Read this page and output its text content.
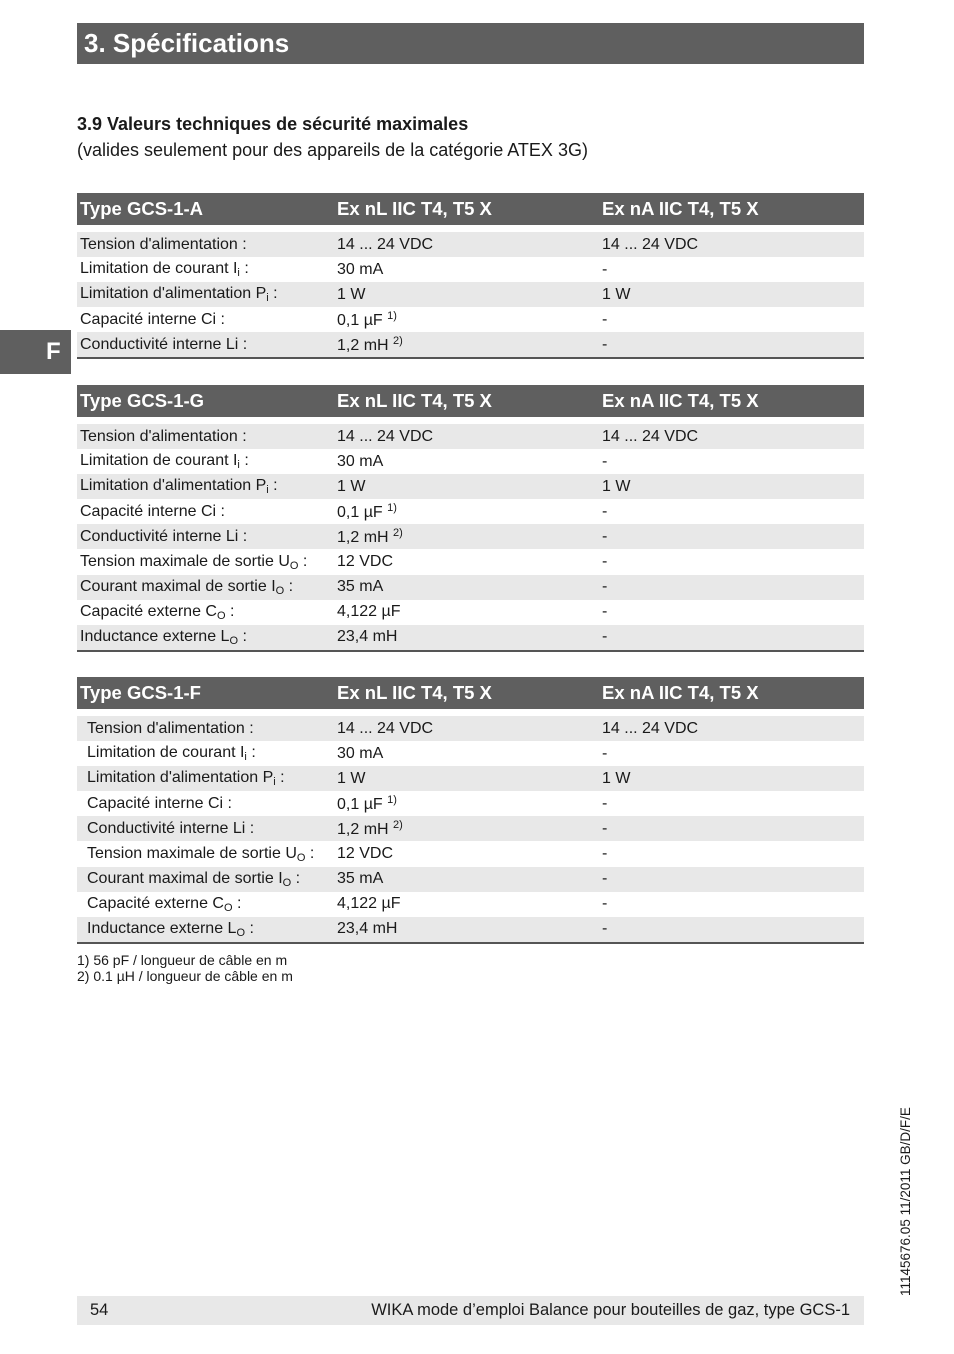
3. Spécifications
F
3.9 Valeurs techniques de sécurité maximales
(valides seulement pour des appareils de la catégorie ATEX 3G)
Type GCS-1-A	Ex nL IIC T4, T5 X	Ex nA IIC T4, T5 X
Tension d'alimentation :	14 ... 24 VDC	14 ... 24 VDC
Limitation de courant $I_i$ :	30 mA	-
Limitation d'alimentation $P_i$ :	1 W	1 W
Capacité interne Ci :	0,1 µF $^{1)}$	-
Conductivité interne Li :	1,2 mH $^{2)}$	-
Type GCS-1-G	Ex nL IIC T4, T5 X	Ex nA IIC T4, T5 X
Tension d'alimentation :	14 ... 24 VDC	14 ... 24 VDC
Limitation de courant $I_i$ :	30 mA	-
Limitation d'alimentation $P_i$ :	1 W	1 W
Capacité interne Ci :	0,1 µF $^{1)}$	-
Conductivité interne Li :	1,2 mH $^{2)}$	-
Tension maximale de sortie $U_O$ : 12 VDC	-
Courant maximal de sortie $I_O$ :	35 mA	-
Capacité externe $C_O$ :	4,122 µF	-
Inductance externe $L_O$ :	23,4 mH	-
Type GCS-1-F	Ex nL IIC T4, T5 X	Ex nA IIC T4, T5 X
Tension d'alimentation :	14 ... 24 VDC	14 ... 24 VDC
Limitation de courant $I_i$ :	30 mA	-
Limitation d'alimentation $P_i$ :	1 W	1 W
Capacité interne Ci :	0,1 µF $^{1)}$	-
Conductivité interne Li :	1,2 mH $^{2)}$	-
Tension maximale de sortie $U_O$ : 12 VDC	-
Courant maximal de sortie $I_O$ : 35 mA	-
Capacité externe $C_O$ :	4,122 µF	-
Inductance externe $L_O$ :	23,4 mH	-
1) 56 pF / longueur de câble en m
2) 0.1 µH / longueur de câble en m
11145676.05 11/2011 GB/D/F/E
54	WIKA mode d’emploi Balance pour bouteilles de gaz, type GCS-1
